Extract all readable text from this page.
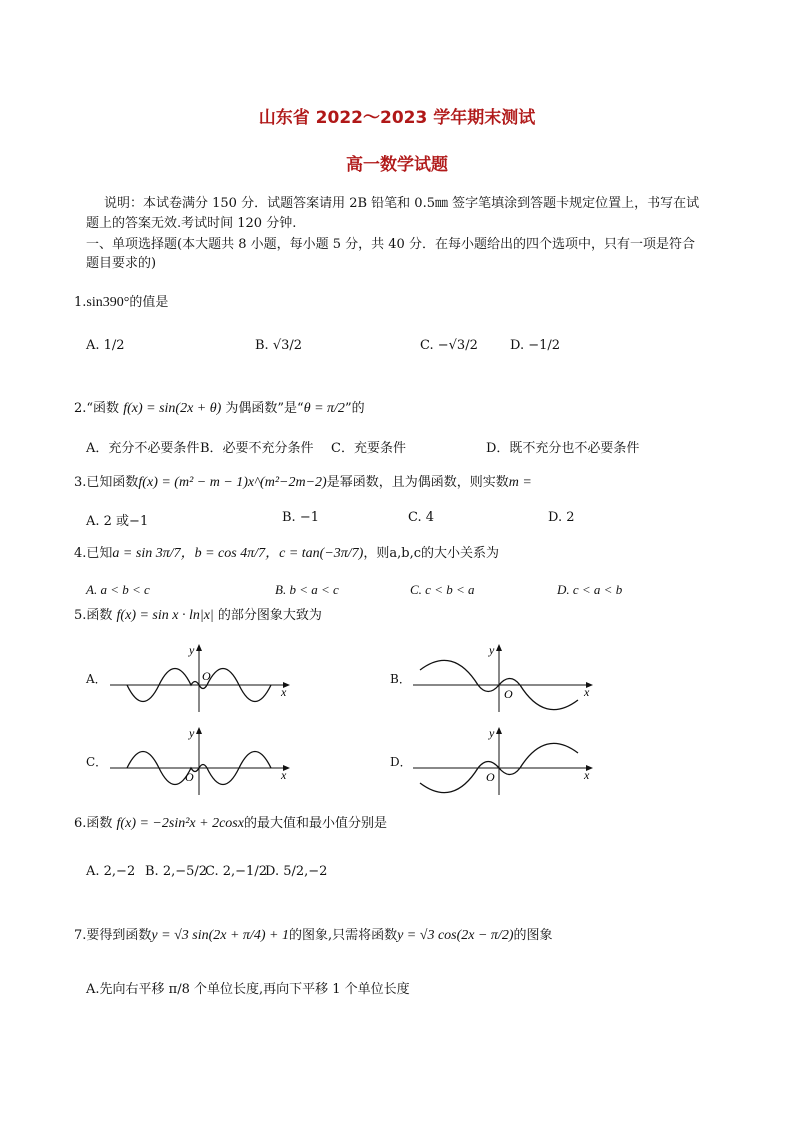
山东省 2022～2023 学年期末测试
高一数学试题
说明：本试卷满分 150 分．试题答案请用 2B 铅笔和 0.5㎜ 签字笔填涂到答题卡规定位置上，书写在试
题上的答案无效.考试时间 120 分钟.
一、单项选择题(本大题共 8 小题，每小题 5 分，共 40 分．在每小题给出的四个选项中，只有一项是符合
题目要求的)
1.sin390°的值是
A. 1/2	B. √3/2	C. −√3/2 D. −1/2
2.“函数 f(x) = sin(2x + θ) 为偶函数”是“θ = π/2”的
A．充分不必要条件 B．必要不充分条件 C．充要条件	D．既不充分也不必要条件
3.已知函数f(x) = (m² − m − 1)x^(m²−2m−2)是幂函数，且为偶函数，则实数m =
A. 2 或−1	B. −1	C. 4	D. 2
4.已知a = sin 3π/7，b = cos 4π/7，c = tan(−3π/7)，则a,b,c的大小关系为
A. a < b < c	B. b < a < c	C. c < b < a	D. c < a < b
5.函数 f(x) = sin x · ln|x| 的部分图象大致为
A．	B．
C．	D．
y
x
O
y
x
O
y
x
O
y
x
O
6.函数 f(x) = −2sin²x + 2cosx的最大值和最小值分别是
A. 2,−2 B. 2,−5/2
C. 2,−1/2
D. 5/2,−2
7.要得到函数y = √3 sin(2x + π/4) + 1的图象,只需将函数y = √3 cos(2x − π/2)的图象
A.先向右平移 π/8 个单位长度,再向下平移 1 个单位长度
